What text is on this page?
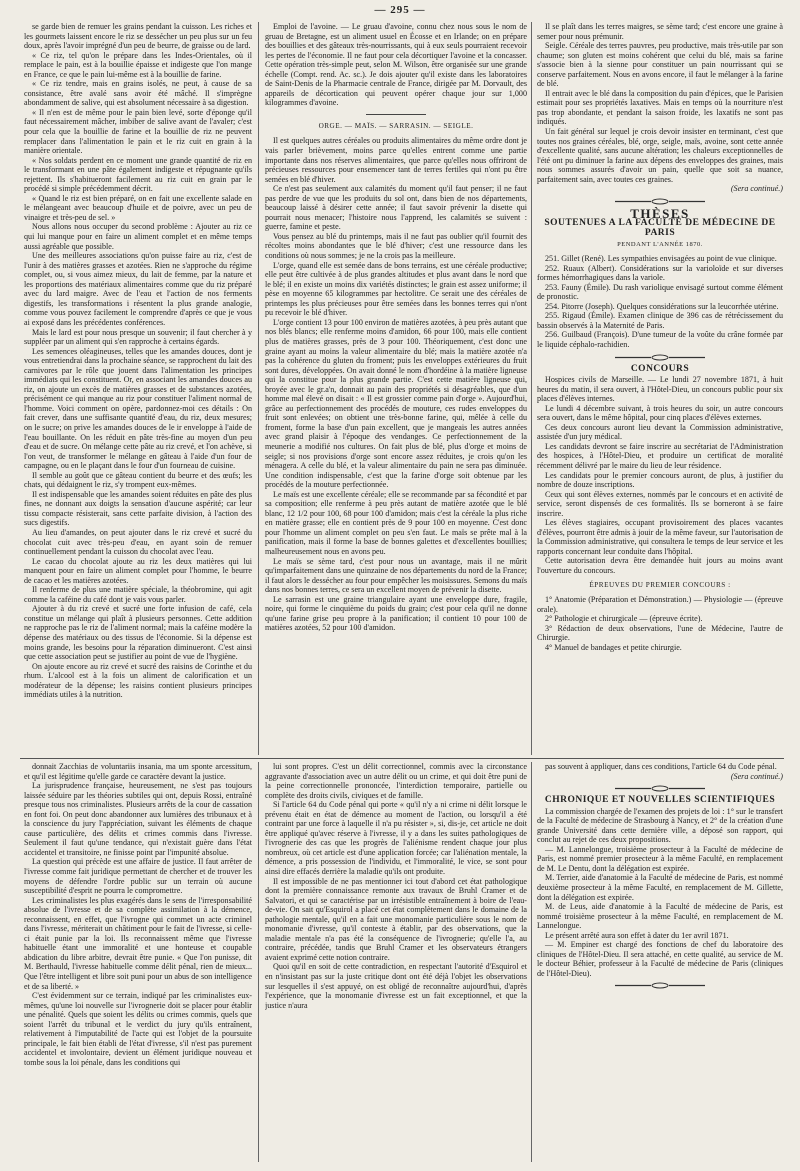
— 295 —

se garde bien de remuer les grains pendant la cuisson. Les riches et les gourmets laissent encore le riz se dessécher un peu plus sur un feu doux, après l'avoir imprégné d'un peu de beurre, de graisse ou de lard.

« Ce riz, tel qu'on le prépare dans les Indes-Orientales, où il remplace le pain, est à la bouillie épaisse et indigeste que l'on mange en France, ce que le pain lui-même est à la bouillie de farine.

« Ce riz tendre, mais en grains isolés, ne peut, à cause de sa consistance, être avalé sans avoir été mâché. Il s'imprègne abondamment de salive, qui est absolument nécessaire à sa digestion.

« Il n'en est de même pour le pain bien levé, sorte d'éponge qu'il faut nécessairement mâcher, imbiber de salive avant de l'avaler; c'est pour cela que la bouillie de farine et la bouillie de riz ne peuvent remplacer dans l'alimentation le pain et le riz cuit en grain à la manière orientale.

« Nos soldats perdent en ce moment une grande quantité de riz en le transformant en une pâte également indigeste et répugnante qu'ils rejettent. Ils s'habitueront facilement au riz cuit en grain par le procédé si simple précédemment décrit.

« Quand le riz est bien préparé, on en fait une excellente salade en le mélangeant avec beaucoup d'huile et de poivre, avec un peu de vinaigre et très-peu de sel. »

Nous allons nous occuper du second problème : Ajouter au riz ce qui lui manque pour en faire un aliment complet et en même temps aussi agréable que possible.

Une des meilleures associations qu'on puisse faire au riz, c'est de l'unir à des matières grasses et azotées. Rien ne s'approche du régime complet, ou, si vous aimez mieux, du lait de femme, par la nature et les proportions des matériaux alimentaires comme que du riz préparé avec du lard maigre. Avec de l'eau et l'action de nos ferments digestifs, les transformations i résentent la plus grande analogie, comme vous pouvez facilement le comprendre d'après ce que je vous ai exposé dans les précédentes conférences.

Mais le lard est pour nous presque un souvenir; il faut chercher à y suppléer par un aliment qui s'en rapproche à certains égards.

Les semences oléagineuses, telles que les amandes douces, dont je vous entretiendrai dans la prochaine séance, se rapprochent du lait des carnivores par le rôle que jouent dans l'alimentation les principes immédiats qui les constituent. Or, en associant les amandes douces au riz, on ajoute un excès de matières grasses et de substances azotées, précisément ce qui manque au riz pour constituer l'aliment normal de l'homme. Voici comment on opère, pardonnez-moi ces détails : On fait crever, dans une suffisante quantité d'eau, du riz, deux mesures; on le sucre; on prive les amandes douces de le ir enveloppe à l'aide de l'eau bouillante. On les réduit en pâte très-fine au moyen d'un peu d'eau et de sucre. On mélange cette pâte au riz crevé, et l'on achève, si l'on veut, de transformer le mélange en gâteau à l'aide d'un four de campagne, ou en le plaçant dans le four d'un fourneau de cuisine.

Il semble au goût que ce gâteau contient du beurre et des œufs; les chats, qui dédaignent le riz, s'y trompent eux-mêmes.

Il est indispensable que les amandes soient réduites en pâte des plus fines, ne donnant aux doigts la sensation d'aucune aspérité; car leur tissu compacte résisterait, sans cette parfaite division, à l'action des sucs digestifs.

Au lieu d'amandes, on peut ajouter dans le riz crevé et sucré du chocolat cuit avec très-peu d'eau, en ayant soin de remuer continuellement pendant la cuisson du chocolat avec l'eau.

Le cacao du chocolat ajoute au riz les deux matières qui lui manquent pour en faire un aliment complet pour l'homme, le beurre de cacao et les matières azotées.

Il renferme de plus une matière spéciale, la théobromine, qui agit comme la caféine du café dont je vais vous parler.

Ajouter à du riz crevé et sucré une forte infusion de café, cela constitue un mélange qui plaît à plusieurs personnes. Cette addition ne rapproche pas le riz de l'aliment normal; mais la caféine modère la dépense des matériaux ou des tissus de l'économie. Si la dépense est moins grande, les besoins pour la réparation diminueront. C'est ainsi que cette association peut se justifier au point de vue de l'hygiène.

On ajoute encore au riz crevé et sucré des raisins de Corinthe et du rhum. L'alcool est à la fois un aliment de calorification et un modérateur de la dépense; les raisins contient plusieurs principes immédiats utiles à la nutrition.

Emploi de l'avoine. — Le gruau d'avoine, connu chez nous sous le nom de gruau de Bretagne, est un aliment usuel en Écosse et en Irlande; on en prépare des bouillies et des gâteaux très-nourrissants, qui à eux seuls pourraient recevoir les pertes de l'économie. Il ne faut pour cela décortiquer l'avoine et la concasser. Cette opération très-simple peut, selon M. Wilson, être organisée sur une grande échelle (Compt. rend. Ac. sc.). Je dois ajouter qu'il existe dans les laboratoires de Saint-Denis de la Pharmacie centrale de France, dirigée par M. Dorvault, des appareils de décortication qui peuvent opérer chaque jour sur 1,000 kilogrammes d'avoine.

ORGE. — MAÏS. — SARRASIN. — SEIGLE.

Il est quelques autres céréales ou produits alimentaires du même ordre dont je vais parler brièvement, moins parce qu'elles entrent comme une partie importante dans nos réserves alimentaires, que parce qu'elles nous offriront de précieuses ressources pour ensemencer tant de terres fertiles qui n'ont pu être semées en blé d'hiver.

Ce n'est pas seulement aux calamités du moment qu'il faut penser; il ne faut pas perdre de vue que les produits du sol ont, dans bien de nos départements, beaucoup laissé à désirer cette année; il faut savoir prévenir la disette qui pourrait nous menacer; l'histoire nous l'apprend, les calamités se suivent : guerre, famine et peste.

Vous pensez au blé du printemps, mais il ne faut pas oublier qu'il fournit des récoltes moins abondantes que le blé d'hiver; c'est une ressource dans les conditions où nous sommes; je ne la crois pas la meilleure.

L'orge, quand elle est semée dans de bons terrains, est une céréale productive; elle peut être cultivée à de plus grandes altitudes et plus avant dans le nord que le blé; il en existe un moins dix variétés distinctes; le grain est assez uniforme; il pèse en moyenne 65 kilogrammes par hectolitre. Ce serait une des céréales de printemps les plus précieuses pour être semées dans les bonnes terres qui n'ont pu recevoir le blé d'hiver.

L'orge contient 13 pour 100 environ de matières azotées, à peu près autant que nos blés blancs; elle renferme moins d'amidon, 66 pour 100, mais elle contient plus de matières grasses, près de 3 pour 100. Théoriquement, c'est donc une graine ayant au moins la valeur alimentaire du blé; mais la matière azotée n'a pas la cohérence du gluten du froment; puis les enveloppes extérieures du fruit sont dures, développées. On avait donné le nom d'hordéine à la matière ligneuse qui la constitue pour la plus grande partie. C'est cette matière ligneuse qui, broyée avec le gr.a'n, donnait au pain des propriétés si désagréables, que d'un homme mal élevé on disait : « Il est grossier comme pain d'orge ». Aujourd'hui, grâce au perfectionnement des procédés de mouture, ces rudes enveloppes du fruit sont enlevées; on obtient une très-bonne farine, qui, mêlée à celle du froment, forme la base d'un pain excellent, que je mangeais les autres années avec grand plaisir à l'époque des vendanges. Ce perfectionnement de la meunerie a modifié nos cultures. On fait plus de blé, plus d'orge et moins de seigle; si nos provisions d'orge sont encore assez réduites, je crois qu'on les ménagera. A celle du blé, et la valeur alimentaire du pain ne sera pas diminuée. Une condition indispensable, c'est que la farine d'orge soit obtenue par les procédés de la mouture perfectionnée.

Le maïs est une excellente céréale; elle se recommande par sa fécondité et par sa composition; elle renferme à peu près autant de matière azotée que le blé blanc, 12 1/2 pour 100, 68 pour 100 d'amidon; mais c'est la céréale la plus riche en matière grasse; elle en contient près de 9 pour 100 en moyenne. C'est donc pour l'homme un aliment complet on peu s'en faut. Le maïs se prête mal à la panification, mais il forme la base de bonnes galettes et d'excellentes bouillies; malheureusement nous en avons peu.

Le maïs se sème tard, c'est pour nous un avantage, mais il ne mûrit qu'imparfaitement dans une quinzaine de nos départements du nord de la France; il faut alors le dessécher au four pour empêcher les moisissures. Semons du maïs dans nos bonnes terres, ce sera un excellent moyen de prévenir la disette.

Le sarrasin est une graine triangulaire ayant une enveloppe dure, fragile, noire, qui forme le cinquième du poids du grain; c'est pour cela qu'il ne donne qu'une farine grise peu propre à la panification; il contient 10 pour 100 de matières azotées, 52 pour 100 d'amidon.

Il se plaît dans les terres maigres, se sème tard; c'est encore une graine à semer pour nous prémunir.

Seigle. Céréale des terres pauvres, peu productive, mais très-utile par son chaume; son gluten est moins cohérent que celui du blé, mais sa farine s'associe bien à la sienne pour constituer un pain nourrissant qui se conserve parfaitement. Nous en avons encore, il faut le mélanger à la farine de blé.

Il entrait avec le blé dans la composition du pain d'épices, que le Parisien estimait pour ses propriétés laxatives. Mais en temps où la nourriture n'est pas trop abondante, et pendant la saison froide, les laxatifs ne sont pas indiqués.

Un fait général sur lequel je crois devoir insister en terminant, c'est que toutes nos graines céréales, blé, orge, seigle, maïs, avoine, sont cette année d'excellente qualité, sans aucune altération; les chaleurs exceptionnelles de l'été ont pu diminuer la farine aux dépens des enveloppes des graines, mais nous sommes assurés d'avoir un pain, quelle que soit sa nuance, parfaitement sain, avec toutes ces graines.

(Sera continué.)

THÈSES

SOUTENUES A LA FACULTÉ DE MÉDECINE DE PARIS

PENDANT L'ANNÉE 1870.

251. Gillet (René). Les sympathies envisagées au point de vue clinique.

252. Ruaux (Albert). Considérations sur la varioloïde et sur diverses formes hémorrhagiques dans la variole.

253. Fauny (Émile). Du rash variolique envisagé surtout comme élément de pronostic.

254. Pitorre (Joseph). Quelques considérations sur la leucorrhée utérine.

255. Rigaud (Émile). Examen clinique de 396 cas de rétrécissement du bassin observés à la Maternité de Paris.

256. Guilbaud (François). D'une tumeur de la voûte du crâne formée par le liquide céphalo-rachidien.

CONCOURS

Hospices civils de Marseille. — Le lundi 27 novembre 1871, à huit heures du matin, il sera ouvert, à l'Hôtel-Dieu, un concours public pour six places d'élèves internes.

Le lundi 4 décembre suivant, à trois heures du soir, un autre concours sera ouvert, dans le même hôpital, pour cinq places d'élèves externes.

Ces deux concours auront lieu devant la Commission administrative, assistée d'un jury médical.

Les candidats devront se faire inscrire au secrétariat de l'Administration des hospices, à l'Hôtel-Dieu, et produire un certificat de moralité récemment délivré par le maire du lieu de leur résidence.

Les candidats pour le premier concours auront, de plus, à justifier du nombre de douze inscriptions.

Ceux qui sont élèves externes, nommés par le concours et en activité de service, seront dispensés de ces formalités. Ils se borneront à se faire inscrire.

Les élèves stagiaires, occupant provisoirement des places vacantes d'élèves, pourront être admis à jouir de la même faveur, sur l'autorisation de la Commission administrative, qui consultera le temps de leur service et les rapports concernant leur conduite dans l'hôpital.

Cette autorisation devra être demandée huit jours au moins avant l'ouverture du concours.

ÉPREUVES DU PREMIER CONCOURS :

1° Anatomie (Préparation et Démonstration.) — Physiologie — (épreuve orale).

2° Pathologie et chirurgicale — (épreuve écrite).

3° Rédaction de deux observations, l'une de Médecine, l'autre de Chirurgie.

4° Manuel de bandages et petite chirurgie.

donnait Zacchias de voluntariis insania, ma um sponte arcessitum, et qu'il est légitime qu'elle garde ce caractère devant la justice.

La jurisprudence française, heureusement, ne s'est pas toujours laissée séduire par les théories subtiles qui ont, depuis Rossi, entraîné presque tous nos criminalistes. Plusieurs arrêts de la cour de cassation en font foi. On peut donc abandonner aux lumières des tribunaux et à la conscience du jury l'appréciation, suivant les éléments de chaque cause particulière, des délits et crimes commis dans l'ivresse. Seulement il faut qu'une tendance, qui n'existait guère dans l'état accidentel et transitoire, ne finisse point par l'impunité absolue.

La question qui précède est une affaire de justice. Il faut arrêter de l'ivresse comme fait juridique permettant de chercher et de trouver les moyens de défendre l'ordre public sur un terrain où aucune susceptibilité d'esprit ne pourra le compromettre.

Les criminalistes les plus exagérés dans le sens de l'irresponsabilité absolue de l'ivresse et de sa complète assimilation à la démence, reconnaissent, en effet, que l'ivrogne qui commet un acte criminel dans l'ivresse, mériterait un châtiment pour le fait de l'ivresse, si celle-ci était punie par la loi. Ils reconnaissent même que l'ivresse habituelle étant une immoralité et une honteuse et coupable abdication du libre arbitre, devrait être punie. « Que l'on punisse, dit M. Berthauld, l'ivresse habituelle comme délit pénal, rien de mieux... Que l'être intelligent et libre soit puni pour un abus de son intelligence et de sa liberté. »

C'est évidemment sur ce terrain, indiqué par les criminalistes eux-mêmes, qu'une loi nouvelle sur l'ivrognerie doit se placer pour établir une pénalité. Quels que soient les délits ou crimes commis, quels que soient l'arrêt du tribunal et le verdict du jury qu'ils entraînent, relativement à l'imputabilité de l'acte qui est l'objet de la poursuite principale, le fait bien établi de l'état d'ivresse, s'il n'est pas purement accidentel et involontaire, devient un élément juridique nouveau et tombe sous la loi pénale, dans les conditions qui

lui sont propres. C'est un délit correctionnel, commis avec la circonstance aggravante d'association avec un autre délit ou un crime, et qui doit être puni de la peine correctionnelle prononcée, l'interdiction temporaire, partielle ou complète des droits civils, civiques et de famille.

Si l'article 64 du Code pénal qui porte « qu'il n'y a ni crime ni délit lorsque le prévenu était en état de démence au moment de l'action, ou lorsqu'il a été contraint par une force à laquelle il n'a pu résister », si, dis-je, cet article ne doit être appliqué qu'avec réserve à l'ivresse, il y a dans les suites pathologiques de l'ivrognerie des cas que les progrès de l'aliénisme rendent chaque jour plus nombreux, où cet article est d'une application forcée; car l'aliénation mentale, la démence, a pris possession de l'individu, et l'immoralité, le vice, se sont pour ainsi dire effacés derrière la maladie qu'ils ont produite.

Il est impossible de ne pas mentionner ici tout d'abord cet état pathologique dont la première connaissance remonte aux travaux de Bruhl Cramer et de Salvatori, et qui se caractérise par un irrésistible entraînement à boire de l'eau-de-vie. On sait qu'Esquirol a placé cet état complètement dans le domaine de la pathologie mentale, qu'il en a fait une monomanie particulière sous le nom de monomanie d'ivresse, qu'il conteste à établir, par des observations, que la maladie mentale n'a pas été la conséquence de l'ivrognerie; qu'elle l'a, au contraire, précédée, tandis que Bruhl Cramer et les observateurs étrangers avaient exprimé cette notion contraire.

Quoi qu'il en soit de cette contradiction, en respectant l'autorité d'Esquirol et en n'insistant pas sur la juste critique dont ont été déjà l'objet les observations sur lesquelles il s'est appuyé, on est obligé de reconnaître aujourd'hui, d'après l'expérience, que la monomanie d'ivresse est un fait exceptionnel, et que la justice n'aura

pas souvent à appliquer, dans ces conditions, l'article 64 du Code pénal.

(Sera continué.)

CHRONIQUE ET NOUVELLES SCIENTIFIQUES

La commission chargée de l'examen des projets de loi : 1° sur le transfert de la Faculté de médecine de Strasbourg à Nancy, et 2° de la création d'une grande Université dans cette dernière ville, a déposé son rapport, qui conclut au rejet de ces deux propositions.

— M. Lannelongue, troisième prosecteur à la Faculté de médecine de Paris, est nommé premier prosecteur à la même Faculté, en remplacement de M. Le Dentu, dont la délégation est expirée.

M. Terrier, aide d'anatomie à la Faculté de médecine de Paris, est nommé deuxième prosecteur à la même Faculté, en remplacement de M. Gillette, dont la délégation est expirée.

M. de Leus, aide d'anatomie à la Faculté de médecine de Paris, est nommé troisième prosecteur à la même Faculté, en remplacement de M. Lannelongue.

Le présent arrêté aura son effet à dater du 1er avril 1871.

— M. Empiner est chargé des fonctions de chef du laboratoire des cliniques de l'Hôtel-Dieu. Il sera attaché, en cette qualité, au service de M. le docteur Béhier, professeur à la Faculté de médecine de Paris (cliniques de l'Hôtel-Dieu).
